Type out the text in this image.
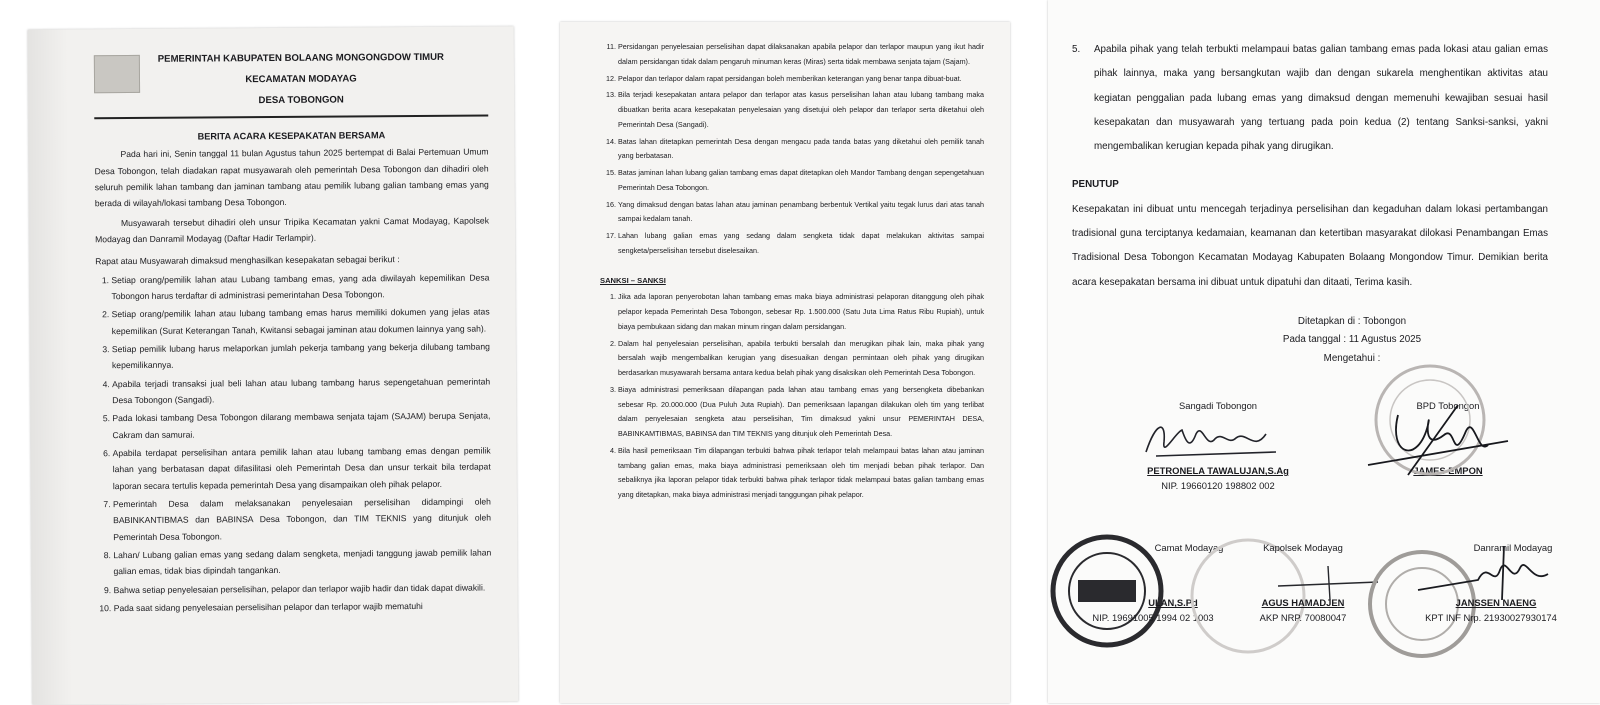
PEMERINTAH KABUPATEN BOLAANG MONGONGDOW TIMUR

KECAMATAN MODAYAG

DESA TOBONGON

BERITA ACARA KESEPAKATAN BERSAMA

Pada hari ini, Senin tanggal 11 bulan Agustus tahun 2025 bertempat di Balai Pertemuan Umum Desa Tobongon, telah diadakan rapat musyawarah oleh pemerintah Desa Tobongon dan dihadiri oleh seluruh pemilik lahan tambang dan jaminan tambang atau pemilik lubang galian tambang emas yang berada di wilayah/lokasi tambang Desa Tobongon.

Musyawarah tersebut dihadiri oleh unsur Tripika Kecamatan yakni Camat Modayag, Kapolsek Modayag dan Danramil Modayag (Daftar Hadir Terlampir).

Rapat atau Musyawarah dimaksud menghasilkan kesepakatan sebagai berikut :

1. Setiap orang/pemilik lahan atau Lubang tambang emas, yang ada diwilayah kepemilikan Desa Tobongon harus terdaftar di administrasi pemerintahan Desa Tobongon.
2. Setiap orang/pemilik lahan atau lubang tambang emas harus memiliki dokumen yang jelas atas kepemilikan (Surat Keterangan Tanah, Kwitansi sebagai jaminan atau dokumen lainnya yang sah).
3. Setiap pemilik lubang harus melaporkan jumlah pekerja tambang yang bekerja dilubang tambang kepemilikannya.
4. Apabila terjadi transaksi jual beli lahan atau lubang tambang harus sepengetahuan pemerintah Desa Tobongon (Sangadi).
5. Pada lokasi tambang Desa Tobongon dilarang membawa senjata tajam (SAJAM) berupa Senjata, Cakram dan samurai.
6. Apabila terdapat perselisihan antara pemilik lahan atau lubang tambang emas dengan pemilik lahan yang berbatasan dapat difasilitasi oleh Pemerintah Desa dan unsur terkait bila terdapat laporan secara tertulis kepada pemerintah Desa yang disampaikan oleh pihak pelapor.
7. Pemerintah Desa dalam melaksanakan penyelesaian perselisihan didampingi oleh BABINKANTIBMAS dan BABINSA Desa Tobongon, dan TIM TEKNIS yang ditunjuk oleh Pemerintah Desa Tobongon.
8. Lahan/ Lubang galian emas yang sedang dalam sengketa, menjadi tanggung jawab pemilik lahan galian emas, tidak bias dipindah tangankan.
9. Bahwa setiap penyelesaian perselisihan, pelapor dan terlapor wajib hadir dan tidak dapat diwakili.
10. Pada saat sidang penyelesaian perselisihan pelapor dan terlapor wajib mematuhi
11. Persidangan penyelesaian perselisihan dapat dilaksanakan apabila pelapor dan terlapor maupun yang ikut hadir dalam persidangan tidak dalam pengaruh minuman keras (Miras) serta tidak membawa senjata tajam (Sajam).
12. Pelapor dan terlapor dalam rapat persidangan boleh memberikan keterangan yang benar tanpa dibuat-buat.
13. Bila terjadi kesepakatan antara pelapor dan terlapor atas kasus perselisihan lahan atau lubang tambang maka dibuatkan berita acara kesepakatan penyelesaian yang disetujui oleh pelapor dan terlapor serta diketahui oleh Pemerintah Desa (Sangadi).
14. Batas lahan ditetapkan pemerintah Desa dengan mengacu pada tanda batas yang diketahui oleh pemilik tanah yang berbatasan.
15. Batas jaminan lahan lubang galian tambang emas dapat ditetapkan oleh Mandor Tambang dengan sepengetahuan Pemerintah Desa Tobongon.
16. Yang dimaksud dengan batas lahan atau jaminan penambang berbentuk Vertikal yaitu tegak lurus dari atas tanah sampai kedalam tanah.
17. Lahan lubang galian emas yang sedang dalam sengketa tidak dapat melakukan aktivitas sampai sengketa/perselisihan tersebut diselesaikan.

SANKSI – SANKSI

1. Jika ada laporan penyerobotan lahan tambang emas maka biaya administrasi pelaporan ditanggung oleh pihak pelapor kepada Pemerintah Desa Tobongon, sebesar Rp. 1.500.000 (Satu Juta Lima Ratus Ribu Rupiah), untuk biaya pembukaan sidang dan makan minum ringan dalam persidangan.
2. Dalam hal penyelesaian perselisihan, apabila terbukti bersalah dan merugikan pihak lain, maka pihak yang bersalah wajib mengembalikan kerugian yang disesuaikan dengan permintaan oleh pihak yang dirugikan berdasarkan musyawarah bersama antara kedua belah pihak yang disaksikan oleh Pemerintah Desa Tobongon.
3. Biaya administrasi pemeriksaan dilapangan pada lahan atau tambang emas yang bersengketa dibebankan sebesar Rp. 20.000.000 (Dua Puluh Juta Rupiah). Dan pemeriksaan lapangan dilakukan oleh tim yang terlibat dalam penyelesaian sengketa atau perselisihan, Tim dimaksud yakni unsur PEMERINTAH DESA, BABINKAMTIBMAS, BABINSA dan TIM TEKNIS yang ditunjuk oleh Pemerintah Desa.
4. Bila hasil pemeriksaan Tim dilapangan terbukti bahwa pihak terlapor telah melampaui batas lahan atau jaminan tambang galian emas, maka biaya administrasi pemeriksaan oleh tim menjadi beban pihak terlapor. Dan sebaliknya jika laporan pelapor tidak terbukti bahwa pihak terlapor tidak melampaui batas galian tambang emas yang ditetapkan, maka biaya administrasi menjadi tanggungan pihak pelapor.
5.	Apabila pihak yang telah terbukti melampaui batas galian tambang emas pada lokasi atau galian emas pihak lainnya, maka yang bersangkutan wajib dan dengan sukarela menghentikan aktivitas atau kegiatan penggalian pada lubang emas yang dimaksud dengan memenuhi kewajiban sesuai hasil kesepakatan dan musyawarah yang tertuang pada poin kedua (2) tentang Sanksi-sanksi, yakni mengembalikan kerugian kepada pihak yang dirugikan.

PENUTUP

Kesepakatan ini dibuat untu mencegah terjadinya perselisihan dan kegaduhan dalam lokasi pertambangan tradisional guna terciptanya kedamaian, keamanan dan ketertiban masyarakat dilokasi Penambangan Emas Tradisional Desa Tobongon Kecamatan Modayag Kabupaten Bolaang Mongondow Timur. Demikian berita acara kesepakatan bersama ini dibuat untuk dipatuhi dan ditaati, Terima kasih.

Ditetapkan di : Tobongon
Pada tanggal : 11 Agustus 2025
Mengetahui :
Sangadi Tobongon
PETRONELA TAWALUJAN,S.Ag
NIP. 19660120 198802 002
BPD Tobongon
JAMES EMPON
Camat Modayag
ULAN,S.Pd
NIP. 19691005 1994 02 1003
Kapolsek Modayag
AGUS HAMADJEN
AKP NRP. 70080047
Danramil Modayag
JANSSEN NAENG
KPT INF Nrp. 21930027930174
